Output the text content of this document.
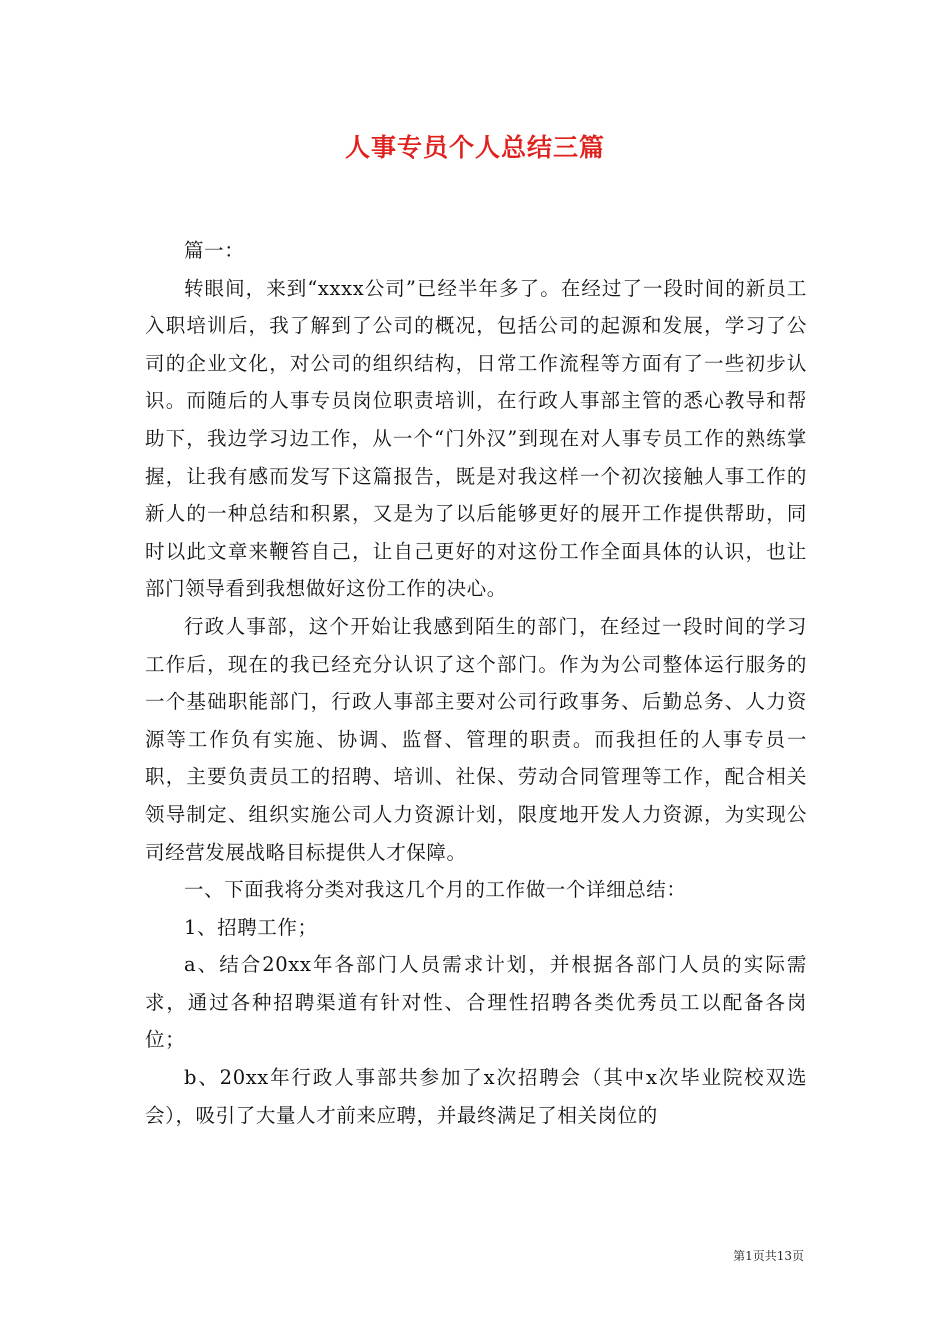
人事专员个人总结三篇

篇一：

转眼间，来到“xxxx公司”已经半年多了。在经过了一段时间的新员工入职培训后，我了解到了公司的概况，包括公司的起源和发展，学习了公司的企业文化，对公司的组织结构，日常工作流程等方面有了一些初步认识。而随后的人事专员岗位职责培训，在行政人事部主管的悉心教导和帮助下，我边学习边工作，从一个“门外汉”到现在对人事专员工作的熟练掌握，让我有感而发写下这篇报告，既是对我这样一个初次接触人事工作的新人的一种总结和积累，又是为了以后能够更好的展开工作提供帮助，同时以此文章来鞭笞自己，让自己更好的对这份工作全面具体的认识，也让部门领导看到我想做好这份工作的决心。

行政人事部，这个开始让我感到陌生的部门，在经过一段时间的学习工作后，现在的我已经充分认识了这个部门。作为为公司整体运行服务的一个基础职能部门，行政人事部主要对公司行政事务、后勤总务、人力资源等工作负有实施、协调、监督、管理的职责。而我担任的人事专员一职，主要负责员工的招聘、培训、社保、劳动合同管理等工作，配合相关领导制定、组织实施公司人力资源计划，限度地开发人力资源，为实现公司经营发展战略目标提供人才保障。

一、下面我将分类对我这几个月的工作做一个详细总结：

1、招聘工作；

a、结合20xx年各部门人员需求计划，并根据各部门人员的实际需求，通过各种招聘渠道有针对性、合理性招聘各类优秀员工以配备各岗位；

b、20xx年行政人事部共参加了x次招聘会（其中x次毕业院校双选会），吸引了大量人才前来应聘，并最终满足了相关岗位的

第1页共13页
